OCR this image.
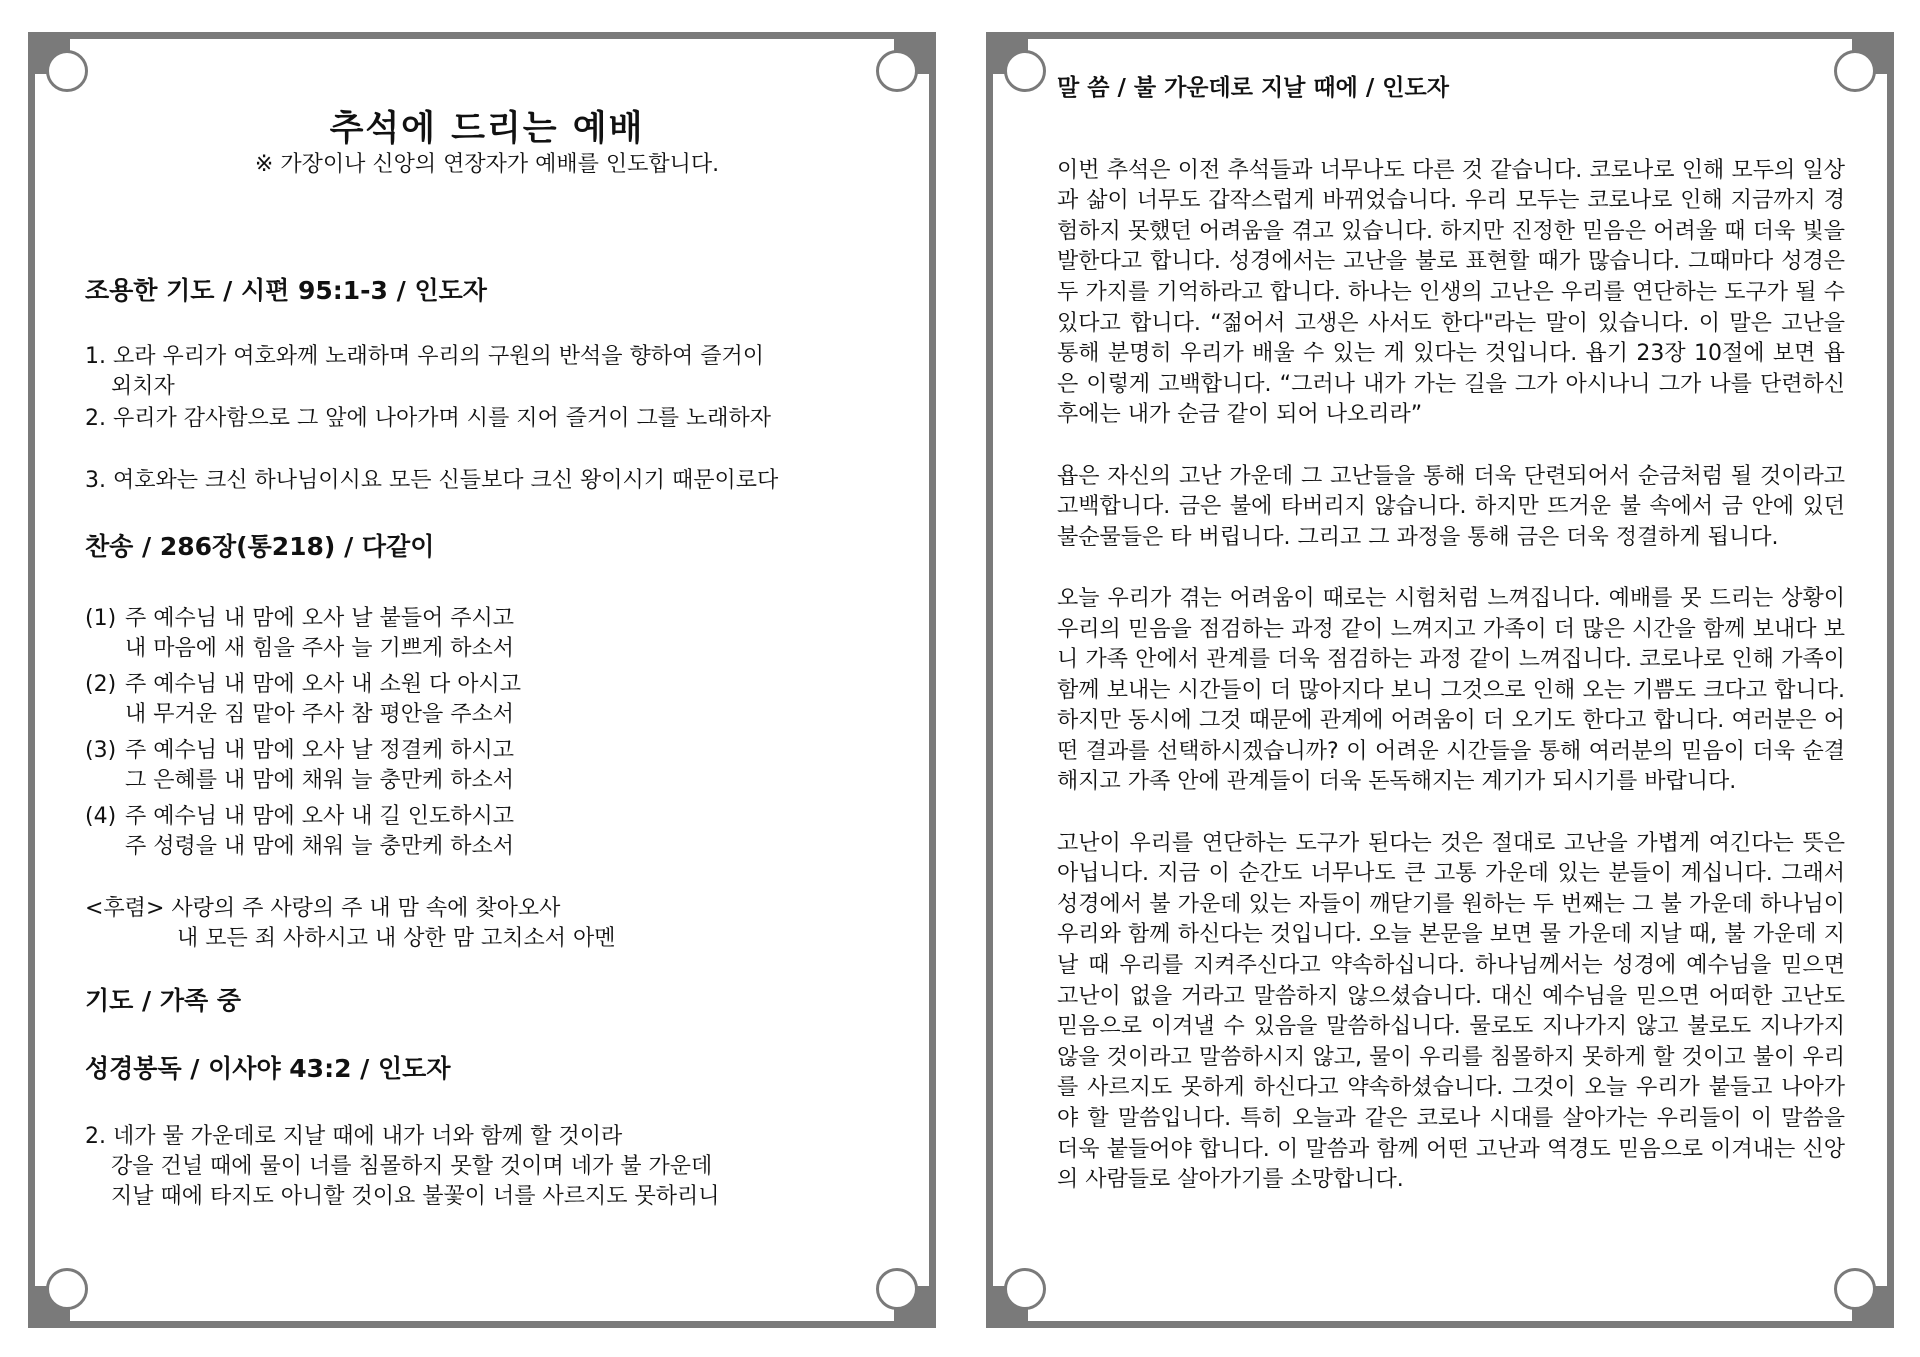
추석에 드리는 예배
※ 가장이나 신앙의 연장자가 예배를 인도합니다.
조용한 기도 / 시편 95:1-3 / 인도자
1. 오라 우리가 여호와께 노래하며 우리의 구원의 반석을 향하여 즐거이
외치자
2. 우리가 감사함으로 그 앞에 나아가며 시를 지어 즐거이 그를 노래하자
3. 여호와는 크신 하나님이시요 모든 신들보다 크신 왕이시기 때문이로다
찬송 / 286장(통218) / 다같이
(1) 주 예수님 내 맘에 오사 날 붙들어 주시고
내 마음에 새 힘을 주사 늘 기쁘게 하소서
(2) 주 예수님 내 맘에 오사 내 소원 다 아시고
내 무거운 짐 맡아 주사 참 평안을 주소서
(3) 주 예수님 내 맘에 오사 날 정결케 하시고
그 은혜를 내 맘에 채워 늘 충만케 하소서
(4) 주 예수님 내 맘에 오사 내 길 인도하시고
주 성령을 내 맘에 채워 늘 충만케 하소서
<후렴> 사랑의 주 사랑의 주 내 맘 속에 찾아오사
내 모든 죄 사하시고 내 상한 맘 고치소서 아멘
기도 / 가족 중
성경봉독 / 이사야 43:2 / 인도자
2. 네가 물 가운데로 지날 때에 내가 너와 함께 할 것이라
강을 건널 때에 물이 너를 침몰하지 못할 것이며 네가 불 가운데
지날 때에 타지도 아니할 것이요 불꽃이 너를 사르지도 못하리니
말 씀 / 불 가운데로 지날 때에 / 인도자

이번 추석은 이전 추석들과 너무나도 다른 것 같습니다. 코로나로 인해 모두의 일상과 삶이 너무도 갑작스럽게 바뀌었습니다. 우리 모두는 코로나로 인해 지금까지 경험하지 못했던 어려움을 겪고 있습니다. 하지만 진정한 믿음은 어려울 때 더욱 빛을 발한다고 합니다. 성경에서는 고난을 불로 표현할 때가 많습니다. 그때마다 성경은 두 가지를 기억하라고 합니다. 하나는 인생의 고난은 우리를 연단하는 도구가 될 수 있다고 합니다. “젊어서 고생은 사서도 한다"라는 말이 있습니다. 이 말은 고난을 통해 분명히 우리가 배울 수 있는 게 있다는 것입니다. 욥기 23장 10절에 보면 욥은 이렇게 고백합니다. “그러나 내가 가는 길을 그가 아시나니 그가 나를 단련하신 후에는 내가 순금 같이 되어 나오리라”

욥은 자신의 고난 가운데 그 고난들을 통해 더욱 단련되어서 순금처럼 될 것이라고 고백합니다. 금은 불에 타버리지 않습니다. 하지만 뜨거운 불 속에서 금 안에 있던 불순물들은 타 버립니다. 그리고 그 과정을 통해 금은 더욱 정결하게 됩니다.

오늘 우리가 겪는 어려움이 때로는 시험처럼 느껴집니다. 예배를 못 드리는 상황이 우리의 믿음을 점검하는 과정 같이 느껴지고 가족이 더 많은 시간을 함께 보내다 보니 가족 안에서 관계를 더욱 점검하는 과정 같이 느껴집니다. 코로나로 인해 가족이 함께 보내는 시간들이 더 많아지다 보니 그것으로 인해 오는 기쁨도 크다고 합니다. 하지만 동시에 그것 때문에 관계에 어려움이 더 오기도 한다고 합니다. 여러분은 어떤 결과를 선택하시겠습니까? 이 어려운 시간들을 통해 여러분의 믿음이 더욱 순결해지고 가족 안에 관계들이 더욱 돈독해지는 계기가 되시기를 바랍니다.

고난이 우리를 연단하는 도구가 된다는 것은 절대로 고난을 가볍게 여긴다는 뜻은 아닙니다. 지금 이 순간도 너무나도 큰 고통 가운데 있는 분들이 계십니다. 그래서 성경에서 불 가운데 있는 자들이 깨닫기를 원하는 두 번째는 그 불 가운데 하나님이 우리와 함께 하신다는 것입니다. 오늘 본문을 보면 물 가운데 지날 때, 불 가운데 지날 때 우리를 지켜주신다고 약속하십니다. 하나님께서는 성경에 예수님을 믿으면 고난이 없을 거라고 말씀하지 않으셨습니다. 대신 예수님을 믿으면 어떠한 고난도 믿음으로 이겨낼 수 있음을 말씀하십니다. 물로도 지나가지 않고 불로도 지나가지 않을 것이라고 말씀하시지 않고, 물이 우리를 침몰하지 못하게 할 것이고 불이 우리를 사르지도 못하게 하신다고 약속하셨습니다. 그것이 오늘 우리가 붙들고 나아가야 할 말씀입니다. 특히 오늘과 같은 코로나 시대를 살아가는 우리들이 이 말씀을 더욱 붙들어야 합니다. 이 말씀과 함께 어떤 고난과 역경도 믿음으로 이겨내는 신앙의 사람들로 살아가기를 소망합니다.
